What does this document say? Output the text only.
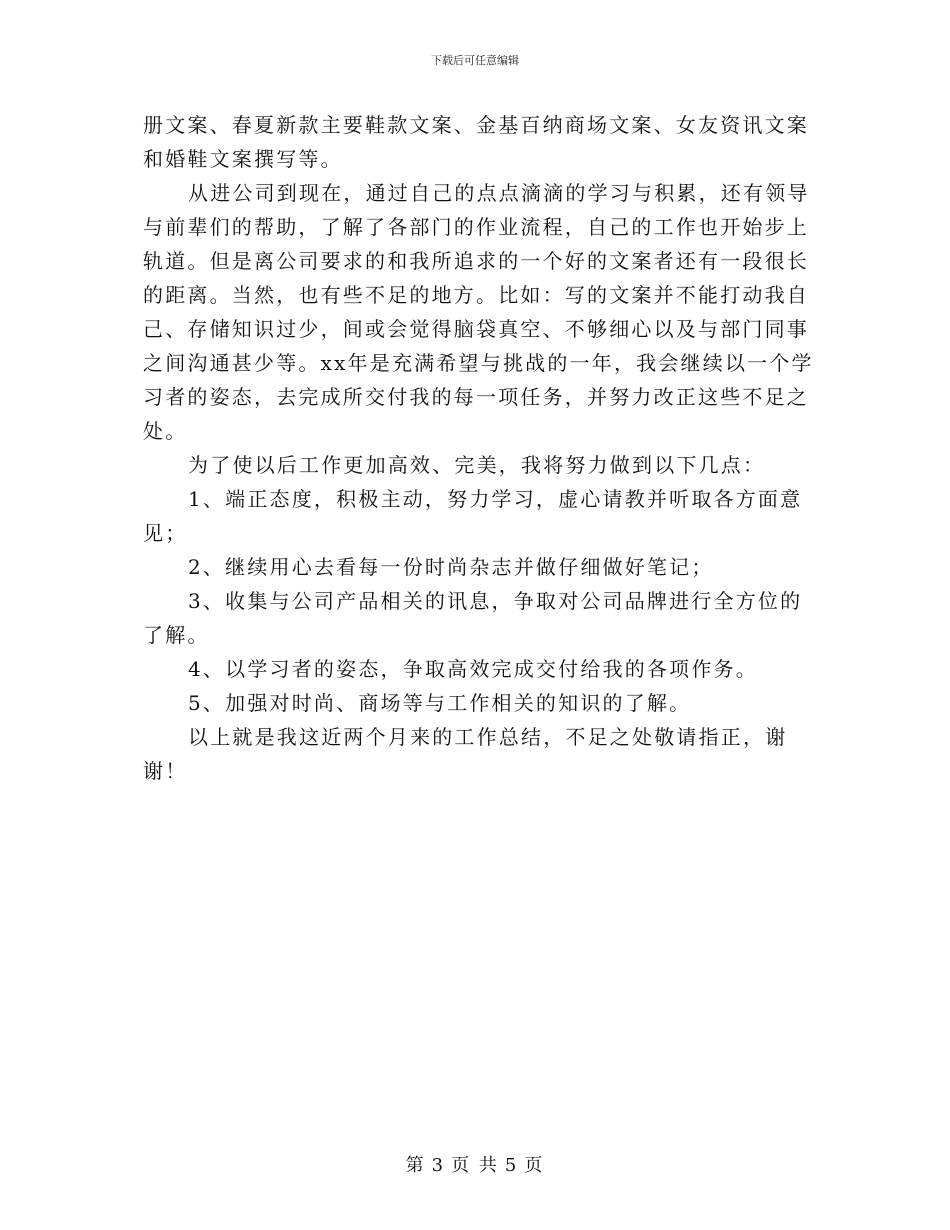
下载后可任意编辑

册文案、春夏新款主要鞋款文案、金基百纳商场文案、女友资讯文案和婚鞋文案撰写等。

从进公司到现在，通过自己的点点滴滴的学习与积累，还有领导与前辈们的帮助，了解了各部门的作业流程，自己的工作也开始步上轨道。但是离公司要求的和我所追求的一个好的文案者还有一段很长的距离。当然，也有些不足的地方。比如：写的文案并不能打动我自己、存储知识过少，间或会觉得脑袋真空、不够细心以及与部门同事之间沟通甚少等。xx年是充满希望与挑战的一年，我会继续以一个学习者的姿态，去完成所交付我的每一项任务，并努力改正这些不足之处。

为了使以后工作更加高效、完美，我将努力做到以下几点：

1、端正态度，积极主动，努力学习，虚心请教并听取各方面意见；

2、继续用心去看每一份时尚杂志并做仔细做好笔记；

3、收集与公司产品相关的讯息，争取对公司品牌进行全方位的了解。

4、以学习者的姿态，争取高效完成交付给我的各项作务。

5、加强对时尚、商场等与工作相关的知识的了解。

以上就是我这近两个月来的工作总结，不足之处敬请指正，谢谢！

第 3 页 共 5 页
